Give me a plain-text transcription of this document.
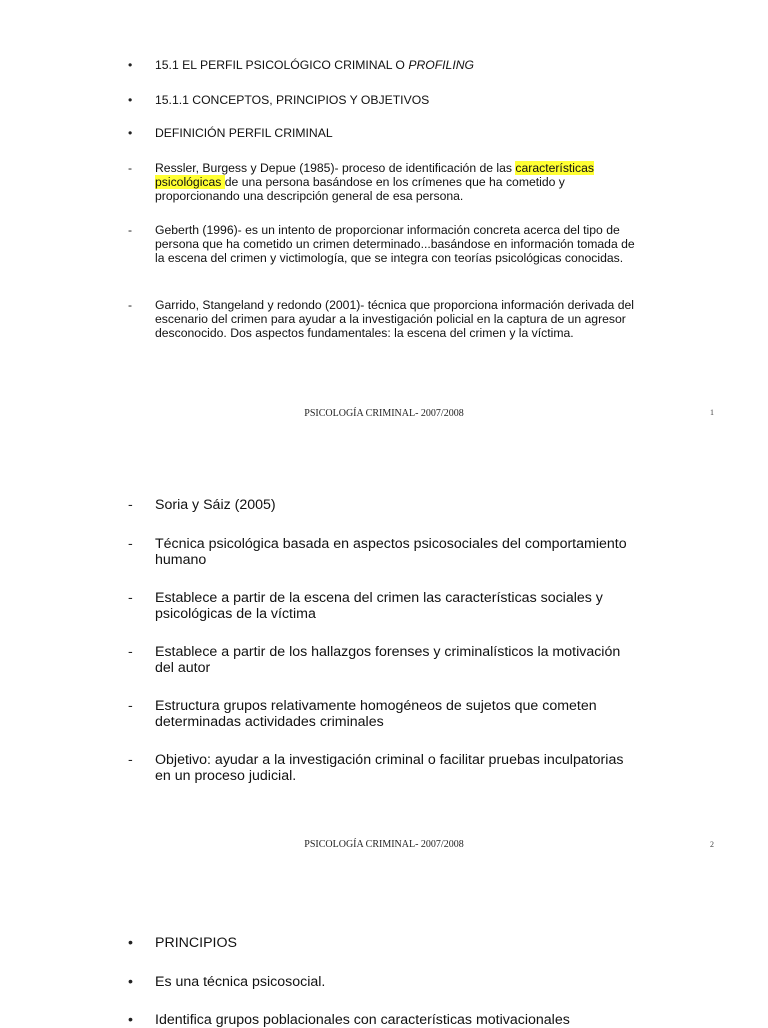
• 15.1 EL PERFIL PSICOLÓGICO CRIMINAL O PROFILING
• 15.1.1 CONCEPTOS, PRINCIPIOS Y OBJETIVOS
• DEFINICIÓN PERFIL CRIMINAL
- Ressler, Burgess y Depue (1985)- proceso de identificación de las características psicológicas de una persona basándose en los crímenes que ha cometido y proporcionando una descripción general de esa persona.
- Geberth (1996)- es un intento de proporcionar información concreta acerca del tipo de persona que ha cometido un crimen determinado...basándose en información tomada de la escena del crimen y victimología, que se integra con teorías psicológicas conocidas.
- Garrido, Stangeland y redondo (2001)- técnica que proporciona información derivada del escenario del crimen para ayudar a la investigación policial en la captura de un agresor desconocido. Dos aspectos fundamentales: la escena del crimen y la víctima.
PSICOLOGÍA CRIMINAL- 2007/2008	1
- Soria y Sáiz (2005)
- Técnica psicológica basada en aspectos psicosociales del comportamiento humano
- Establece a partir de la escena del crimen las características sociales y psicológicas de la víctima
- Establece a partir de los hallazgos forenses y criminalísticos la motivación del autor
- Estructura grupos relativamente homogéneos de sujetos que cometen determinadas actividades criminales
- Objetivo: ayudar a la investigación criminal o facilitar pruebas inculpatorias en un proceso judicial.
PSICOLOGÍA CRIMINAL- 2007/2008	2
• PRINCIPIOS
• Es una técnica psicosocial.
• Identifica grupos poblacionales con características motivacionales
